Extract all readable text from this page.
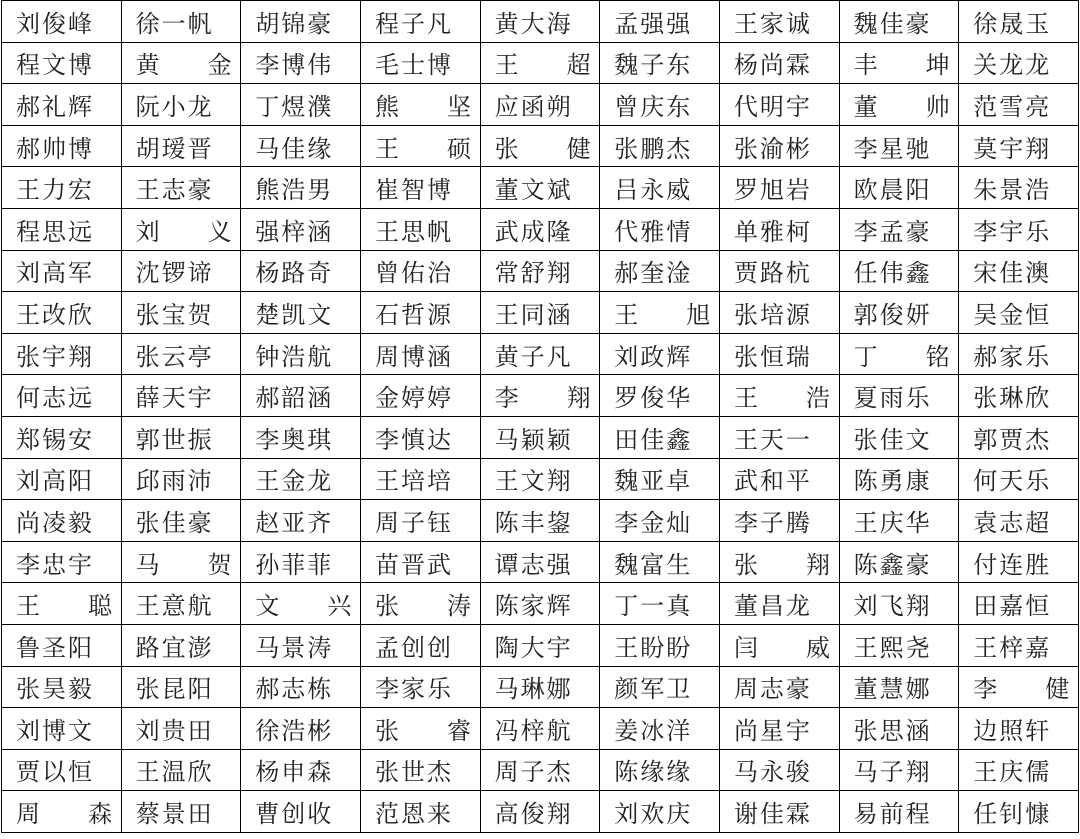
刘俊峰	徐一帆	胡锦豪	程子凡	黄大海	孟强强	王家诚	魏佳豪	徐晟玉
程文博	黄 金	李博伟	毛士博	王 超	魏子东	杨尚霖	丰 坤	关龙龙
郝礼辉	阮小龙	丁煜濮	熊 坚	应函朔	曾庆东	代明宇	董 帅	范雪亮
郝帅博	胡瑷晋	马佳缘	王 硕	张 健	张鹏杰	张渝彬	李星驰	莫宇翔
王力宏	王志豪	熊浩男	崔智博	董文斌	吕永威	罗旭岩	欧晨阳	朱景浩
程思远	刘 义	强梓涵	王思帆	武成隆	代雅情	单雅柯	李孟豪	李宇乐
刘高军	沈锣谛	杨路奇	曾佑治	常舒翔	郝奎淦	贾路杭	任伟鑫	宋佳澳
王改欣	张宝贺	楚凯文	石哲源	王同涵	王 旭	张培源	郭俊妍	吴金恒
张宇翔	张云亭	钟浩航	周博涵	黄子凡	刘政辉	张恒瑞	丁 铭	郝家乐
何志远	薛天宇	郝韶涵	金婷婷	李 翔	罗俊华	王 浩	夏雨乐	张琳欣
郑锡安	郭世振	李奥琪	李慎达	马颖颖	田佳鑫	王天一	张佳文	郭贾杰
刘高阳	邱雨沛	王金龙	王培培	王文翔	魏亚卓	武和平	陈勇康	何天乐
尚凌毅	张佳豪	赵亚齐	周子钰	陈丰鋆	李金灿	李子腾	王庆华	袁志超
李忠宇	马 贺	孙菲菲	苗晋武	谭志强	魏富生	张 翔	陈鑫豪	付连胜
王 聪	王意航	文 兴	张 涛	陈家辉	丁一真	董昌龙	刘飞翔	田嘉恒
鲁圣阳	路宜澎	马景涛	孟创创	陶大宇	王盼盼	闫 威	王熙尧	王梓嘉
张昊毅	张昆阳	郝志栋	李家乐	马琳娜	颜军卫	周志豪	董慧娜	李 健
刘博文	刘贵田	徐浩彬	张 睿	冯梓航	姜冰洋	尚星宇	张思涵	边照轩
贾以恒	王温欣	杨申森	张世杰	周子杰	陈缘缘	马永骏	马子翔	王庆儒
周 森	蔡景田	曹创收	范恩来	高俊翔	刘欢庆	谢佳霖	易前程	任钊慷
